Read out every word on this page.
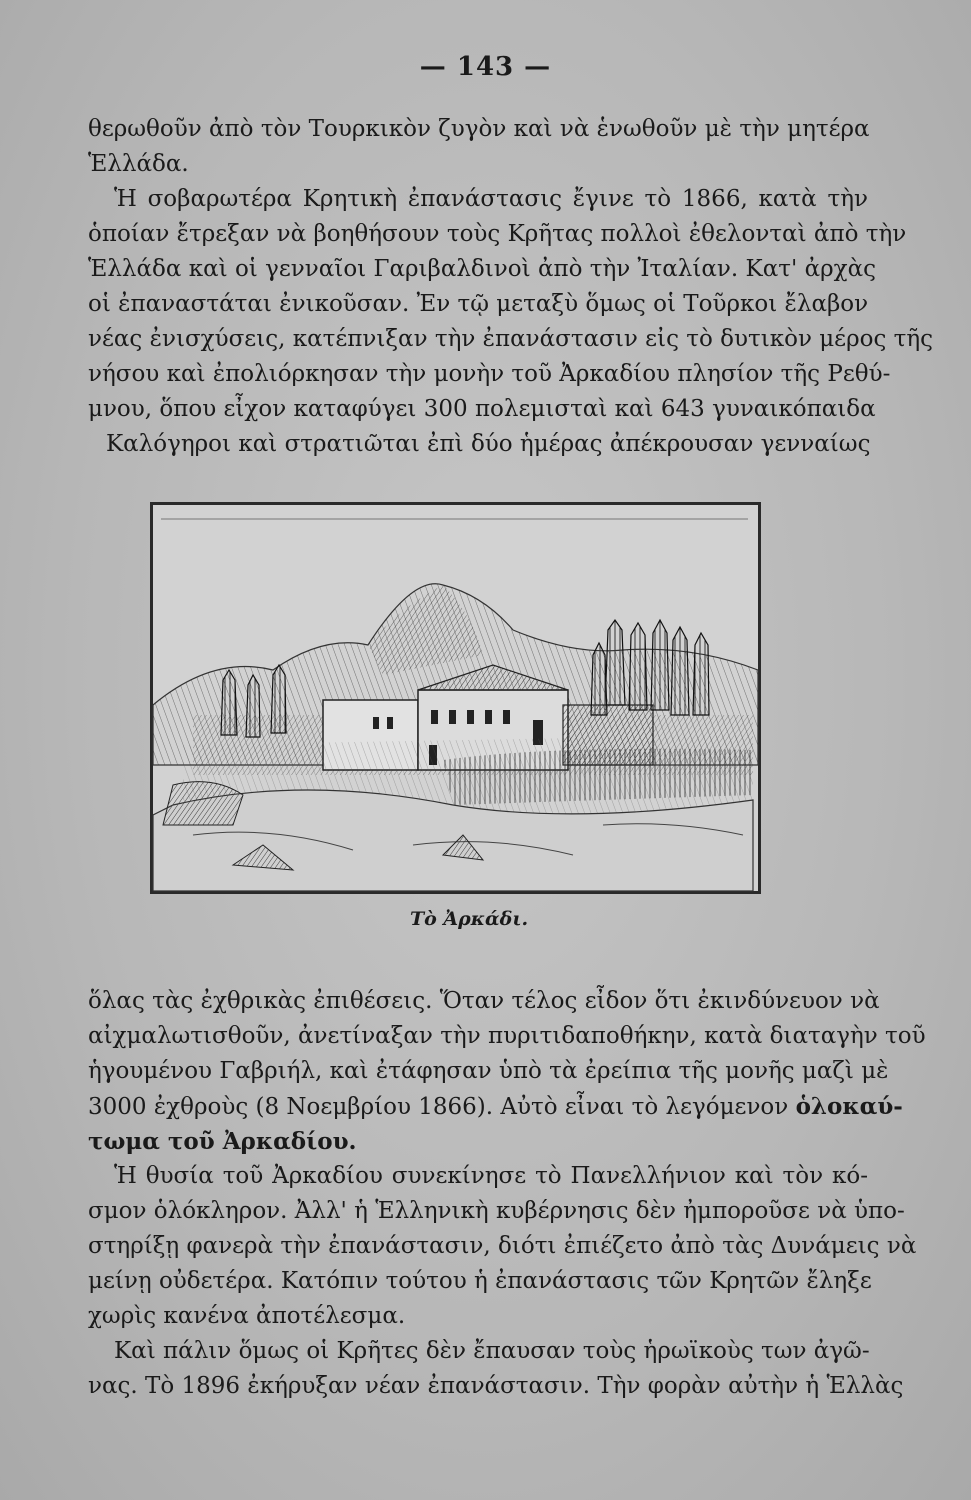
— 143 —
θερωθοῦν ἀπὸ τὸν Τουρκικὸν ζυγὸν καὶ νὰ ἑνωθοῦν μὲ τὴν μητέρα
Ἑλλάδα.
Ἡ σοβαρωτέρα Κρητικὴ ἐπανάστασις ἔγινε τὸ 1866, κατὰ τὴν
ὁποίαν ἔτρεξαν νὰ βοηθήσουν τοὺς Κρῆτας πολλοὶ ἐθελονταὶ ἀπὸ τὴν
Ἑλλάδα καὶ οἱ γενναῖοι Γαριβαλδινοὶ ἀπὸ τὴν Ἰταλίαν. Κατ' ἀρχὰς
οἱ ἐπαναστάται ἐνικοῦσαν. Ἐν τῷ μεταξὺ ὅμως οἱ Τοῦρκοι ἔλαβον
νέας ἐνισχύσεις, κατέπνιξαν τὴν ἐπανάστασιν εἰς τὸ δυτικὸν μέρος τῆς
νήσου καὶ ἐπολιόρκησαν τὴν μονὴν τοῦ Ἀρκαδίου πλησίον τῆς Ρεθύ-
μνου, ὅπου εἶχον καταφύγει 300 πολεμισταὶ καὶ 643 γυναικόπαιδα
Καλόγηροι καὶ στρατιῶται ἐπὶ δύο ἡμέρας ἀπέκρουσαν γενναίως
Τὸ Ἀρκάδι.
ὅλας τὰς ἐχθρικὰς ἐπιθέσεις. Ὅταν τέλος εἶδον ὅτι ἐκινδύνευον νὰ
αἰχμαλωτισθοῦν, ἀνετίναξαν τὴν πυριτιδαποθήκην, κατὰ διαταγὴν τοῦ
ἡγουμένου Γαβριήλ, καὶ ἐτάφησαν ὑπὸ τὰ ἐρείπια τῆς μονῆς μαζὶ μὲ
3000 ἐχθροὺς (8 Νοεμβρίου 1866). Αὐτὸ εἶναι τὸ λεγόμενον ὁλοκαύ-
τωμα τοῦ Ἀρκαδίου.
Ἡ θυσία τοῦ Ἀρκαδίου συνεκίνησε τὸ Πανελλήνιον καὶ τὸν κό-
σμον ὁλόκληρον. Ἀλλ' ἡ Ἑλληνικὴ κυβέρνησις δὲν ἠμποροῦσε νὰ ὑπο-
στηρίξῃ φανερὰ τὴν ἐπανάστασιν, διότι ἐπιέζετο ἀπὸ τὰς Δυνάμεις νὰ
μείνῃ οὐδετέρα. Κατόπιν τούτου ἡ ἐπανάστασις τῶν Κρητῶν ἔληξε
χωρὶς κανένα ἀποτέλεσμα.
Καὶ πάλιν ὅμως οἱ Κρῆτες δὲν ἔπαυσαν τοὺς ἡρωϊκοὺς των ἀγῶ-
νας. Τὸ 1896 ἐκήρυξαν νέαν ἐπανάστασιν. Τὴν φορὰν αὐτὴν ἡ Ἑλλὰς
